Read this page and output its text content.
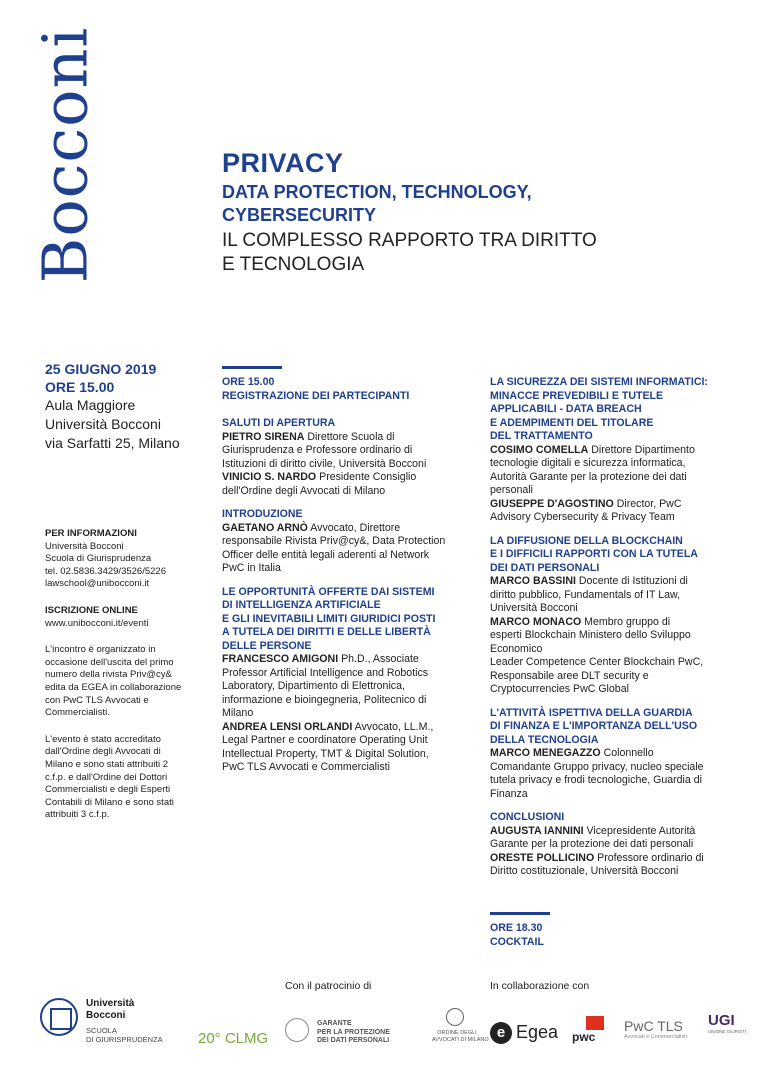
Bocconi	PRIVACY
DATA PROTECTION, TECHNOLOGY,
CYBERSECURITY
IL COMPLESSO RAPPORTO TRA DIRITTO
E TECNOLOGIA
25 GIUGNO 2019
ORE 15.00
Aula Maggiore
Università Bocconi
via Sarfatti 25, Milano
PER INFORMAZIONI
Università Bocconi
Scuola di Giurisprudenza
tel. 02.5836.3429/3526/5226
lawschool@unibocconi.it
ISCRIZIONE ONLINE
www.unibocconi.it/eventi
L'incontro è organizzato in
occasione dell'uscita del primo
numero della rivista Priv@cy&
edita da EGEA in collaborazione
con PwC TLS Avvocati e
Commercialisti.
L'evento è stato accreditato
dall'Ordine degli Avvocati di
Milano e sono stati attribuiti 2
c.f.p. e dall'Ordine dei Dottori
Commercialisti e degli Esperti
Contabili di Milano e sono stati
attribuiti 3 c.f.p.
ORE 15.00
REGISTRAZIONE DEI PARTECIPANTI
SALUTI DI APERTURA
PIETRO SIRENA Direttore Scuola di
Giurisprudenza e Professore ordinario di
Istituzioni di diritto civile, Università Bocconi
VINICIO S. NARDO Presidente Consiglio
dell'Ordine degli Avvocati di Milano
INTRODUZIONE
GAETANO ARNÒ Avvocato, Direttore
responsabile Rivista Priv@cy&, Data Protection
Officer delle entità legali aderenti al Network
PwC in Italia
LE OPPORTUNITÀ OFFERTE DAI SISTEMI
DI INTELLIGENZA ARTIFICIALE
E GLI INEVITABILI LIMITI GIURIDICI POSTI
A TUTELA DEI DIRITTI E DELLE LIBERTÀ
DELLE PERSONE
FRANCESCO AMIGONI Ph.D., Associate
Professor Artificial Intelligence and Robotics
Laboratory, Dipartimento di Elettronica,
informazione e bioingegneria, Politecnico di
Milano
ANDREA LENSI ORLANDI Avvocato, LL.M.,
Legal Partner e coordinatore Operating Unit
Intellectual Property, TMT & Digital Solution,
PwC TLS Avvocati e Commercialisti
LA SICUREZZA DEI SISTEMI INFORMATICI:
MINACCE PREVEDIBILI E TUTELE
APPLICABILI - DATA BREACH
E ADEMPIMENTI DEL TITOLARE
DEL TRATTAMENTO
COSIMO COMELLA Direttore Dipartimento
tecnologie digitali e sicurezza informatica,
Autorità Garante per la protezione dei dati
personali
GIUSEPPE D'AGOSTINO Director, PwC
Advisory Cybersecurity & Privacy Team
LA DIFFUSIONE DELLA BLOCKCHAIN
E I DIFFICILI RAPPORTI CON LA TUTELA
DEI DATI PERSONALI
MARCO BASSINI Docente di Istituzioni di
diritto pubblico, Fundamentals of IT Law,
Università Bocconi
MARCO MONACO Membro gruppo di
esperti Blockchain Ministero dello Sviluppo
Economico
Leader Competence Center Blockchain PwC,
Responsabile aree DLT security e
Cryptocurrencies PwC Global
L'ATTIVITÀ ISPETTIVA DELLA GUARDIA
DI FINANZA E L'IMPORTANZA DELL'USO
DELLA TECNOLOGIA
MARCO MENEGAZZO Colonnello
Comandante Gruppo privacy, nucleo speciale
tutela privacy e frodi tecnologiche, Guardia di
Finanza
CONCLUSIONI
AUGUSTA IANNINI Vicepresidente Autorità
Garante per la protezione dei dati personali
ORESTE POLLICINO Professore ordinario di
Diritto costituzionale, Università Bocconi
ORE 18.30
COCKTAIL
Con il patrocinio di	In collaborazione con
Università
Bocconi
SCUOLA
DI GIURISPRUDENZA 20° CLMG
GARANTE
PER LA PROTEZIONE
DEI DATI PERSONALI
ORDINE DEGLI
AVVOCATI DI MILANO e Egea pwc
PwC TLS
Avvocati e Commercialisti
UGI
UNIONE GIURISTI
